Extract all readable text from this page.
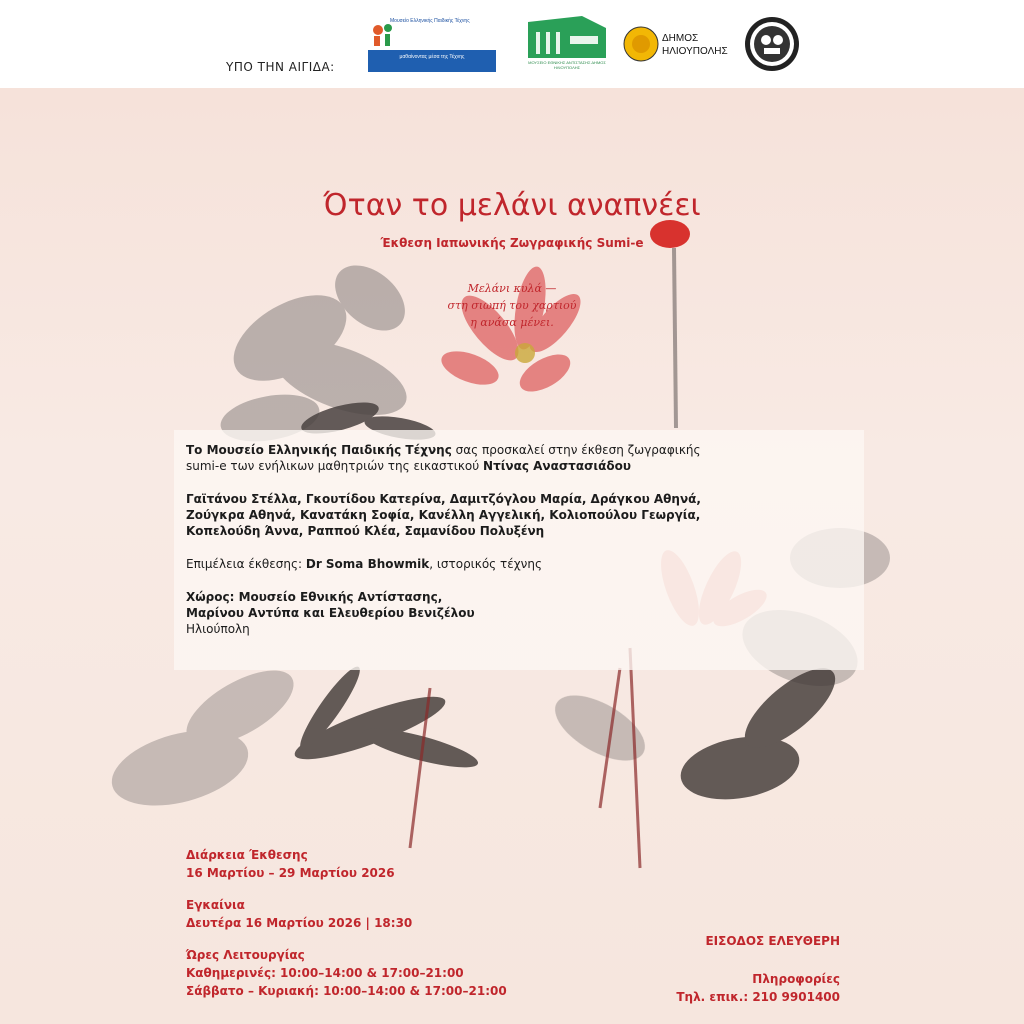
ΥΠΟ ΤΗΝ ΑΙΓΙΔΑ:
Μουσείο Ελληνικής Παιδικής Τέχνης
μαθαίνοντας μέσα της Τέχνης
ΜΟΥΣΕΙΟ ΕΘΝΙΚΗΣ ΑΝΤΙΣΤΑΣΗΣ ΔΗΜΟΣ ΗΛΙΟΥΠΟΛΗΣ
ΔΗΜΟΣ
ΗΛΙΟΥΠΟΛΗΣ
Όταν το μελάνι αναπνέει
Έκθεση Ιαπωνικής Ζωγραφικής Sumi-e
Μελάνι κυλά —
στη σιωπή του χαρτιού
η ανάσα μένει.

Το Μουσείο Ελληνικής Παιδικής Τέχνης σας προσκαλεί στην έκθεση ζωγραφικής
sumi-e των ενήλικων μαθητριών της εικαστικού Ντίνας Αναστασιάδου

Γαϊτάνου Στέλλα, Γκουτίδου Κατερίνα, Δαμιτζόγλου Μαρία, Δράγκου Αθηνά,
Ζούγκρα Αθηνά, Κανατάκη Σοφία, Κανέλλη Αγγελική, Κολιοπούλου Γεωργία,
Κοπελούδη Άννα, Ραππού Κλέα, Σαμανίδου Πολυξένη

Επιμέλεια έκθεσης: Dr Soma Bhowmik, ιστορικός τέχνης

Χώρος: Μουσείο Εθνικής Αντίστασης,
Μαρίνου Αντύπα και Ελευθερίου Βενιζέλου
Ηλιούπολη

Διάρκεια Έκθεσης
16 Μαρτίου – 29 Μαρτίου 2026
Εγκαίνια
Δευτέρα 16 Μαρτίου 2026 | 18:30
Ώρες Λειτουργίας
Καθημερινές: 10:00–14:00 & 17:00–21:00
Σάββατο – Κυριακή: 10:00–14:00 & 17:00–21:00
ΕΙΣΟΔΟΣ ΕΛΕΥΘΕΡΗ
Πληροφορίες
Τηλ. επικ.: 210 9901400
